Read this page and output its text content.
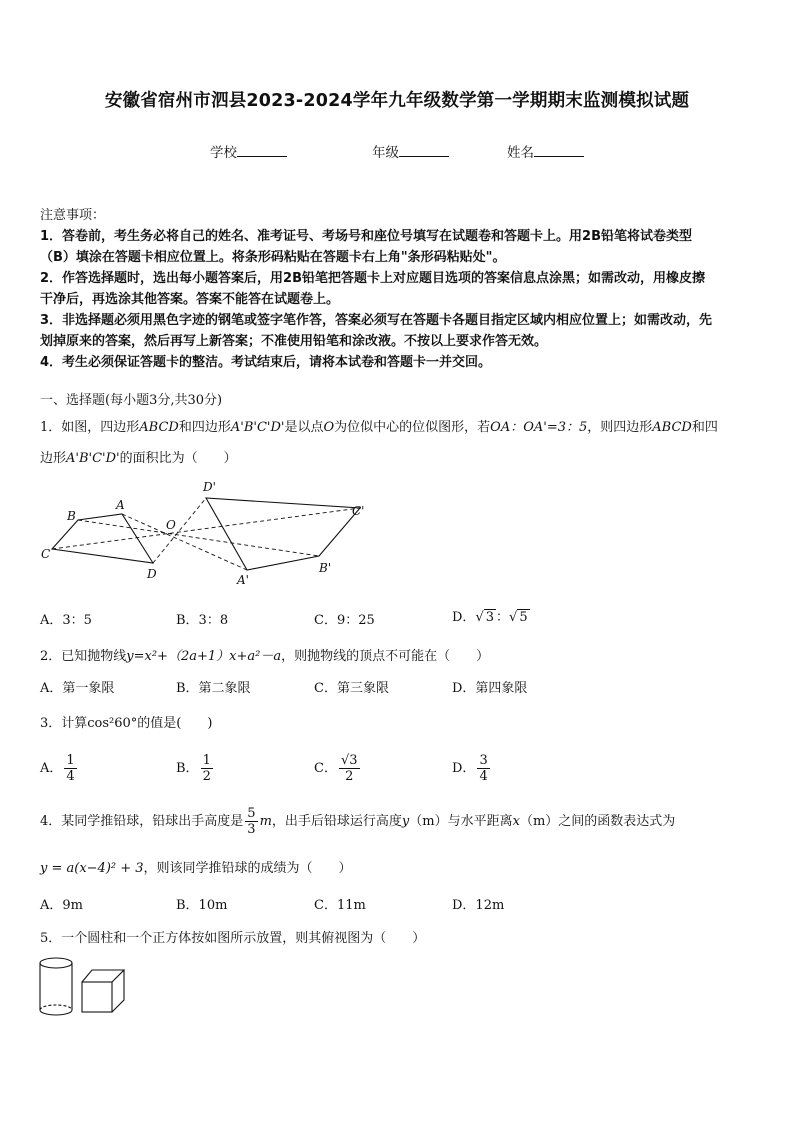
安徽省宿州市泗县2023-2024学年九年级数学第一学期期末监测模拟试题
学校	年级	姓名
注意事项：
1．答卷前，考生务必将自己的姓名、准考证号、考场号和座位号填写在试题卷和答题卡上。用2B铅笔将试卷类型
（B）填涂在答题卡相应位置上。将条形码粘贴在答题卡右上角"条形码粘贴处"。
2．作答选择题时，选出每小题答案后，用2B铅笔把答题卡上对应题目选项的答案信息点涂黑；如需改动，用橡皮擦
干净后，再选涂其他答案。答案不能答在试题卷上。
3．非选择题必须用黑色字迹的钢笔或签字笔作答，答案必须写在答题卡各题目指定区域内相应位置上；如需改动，先
划掉原来的答案，然后再写上新答案；不准使用铅笔和涂改液。不按以上要求作答无效。
4．考生必须保证答题卡的整洁。考试结束后，请将本试卷和答题卡一并交回。
一、选择题(每小题3分,共30分)
1．如图，四边形ABCD和四边形A'B'C'D'是以点O为位似中心的位似图形，若OA：OA'=3：5，则四边形ABCD和四
边形A'B'C'D'的面积比为（　　）
B
A
C
D
O
D'
A'
B'
C'
A．3：5	B．3：8	C．9：25	D．√ 3 ：√ 5
2．已知抛物线y=x²+（2a+1）x+a²－a，则抛物线的顶点不可能在（　　）
A．第一象限	B．第二象限	C．第三象限	D．第四象限
3．计算cos²60°的值是(　　)
A． $\frac{1}{4}$	B． $\frac{1}{2}$	C． $\frac{√3}{2}$	D． $\frac{3}{4}$
4．某同学推铅球，铅球出手高度是 $\frac{5}{3}$ m，出手后铅球运行高度y（m）与水平距离x（m）之间的函数表达式为
y = a(x−4)² + 3，则该同学推铅球的成绩为（　　）
A．9m	B．10m	C．11m	D．12m
5．一个圆柱和一个正方体按如图所示放置，则其俯视图为（　　）
